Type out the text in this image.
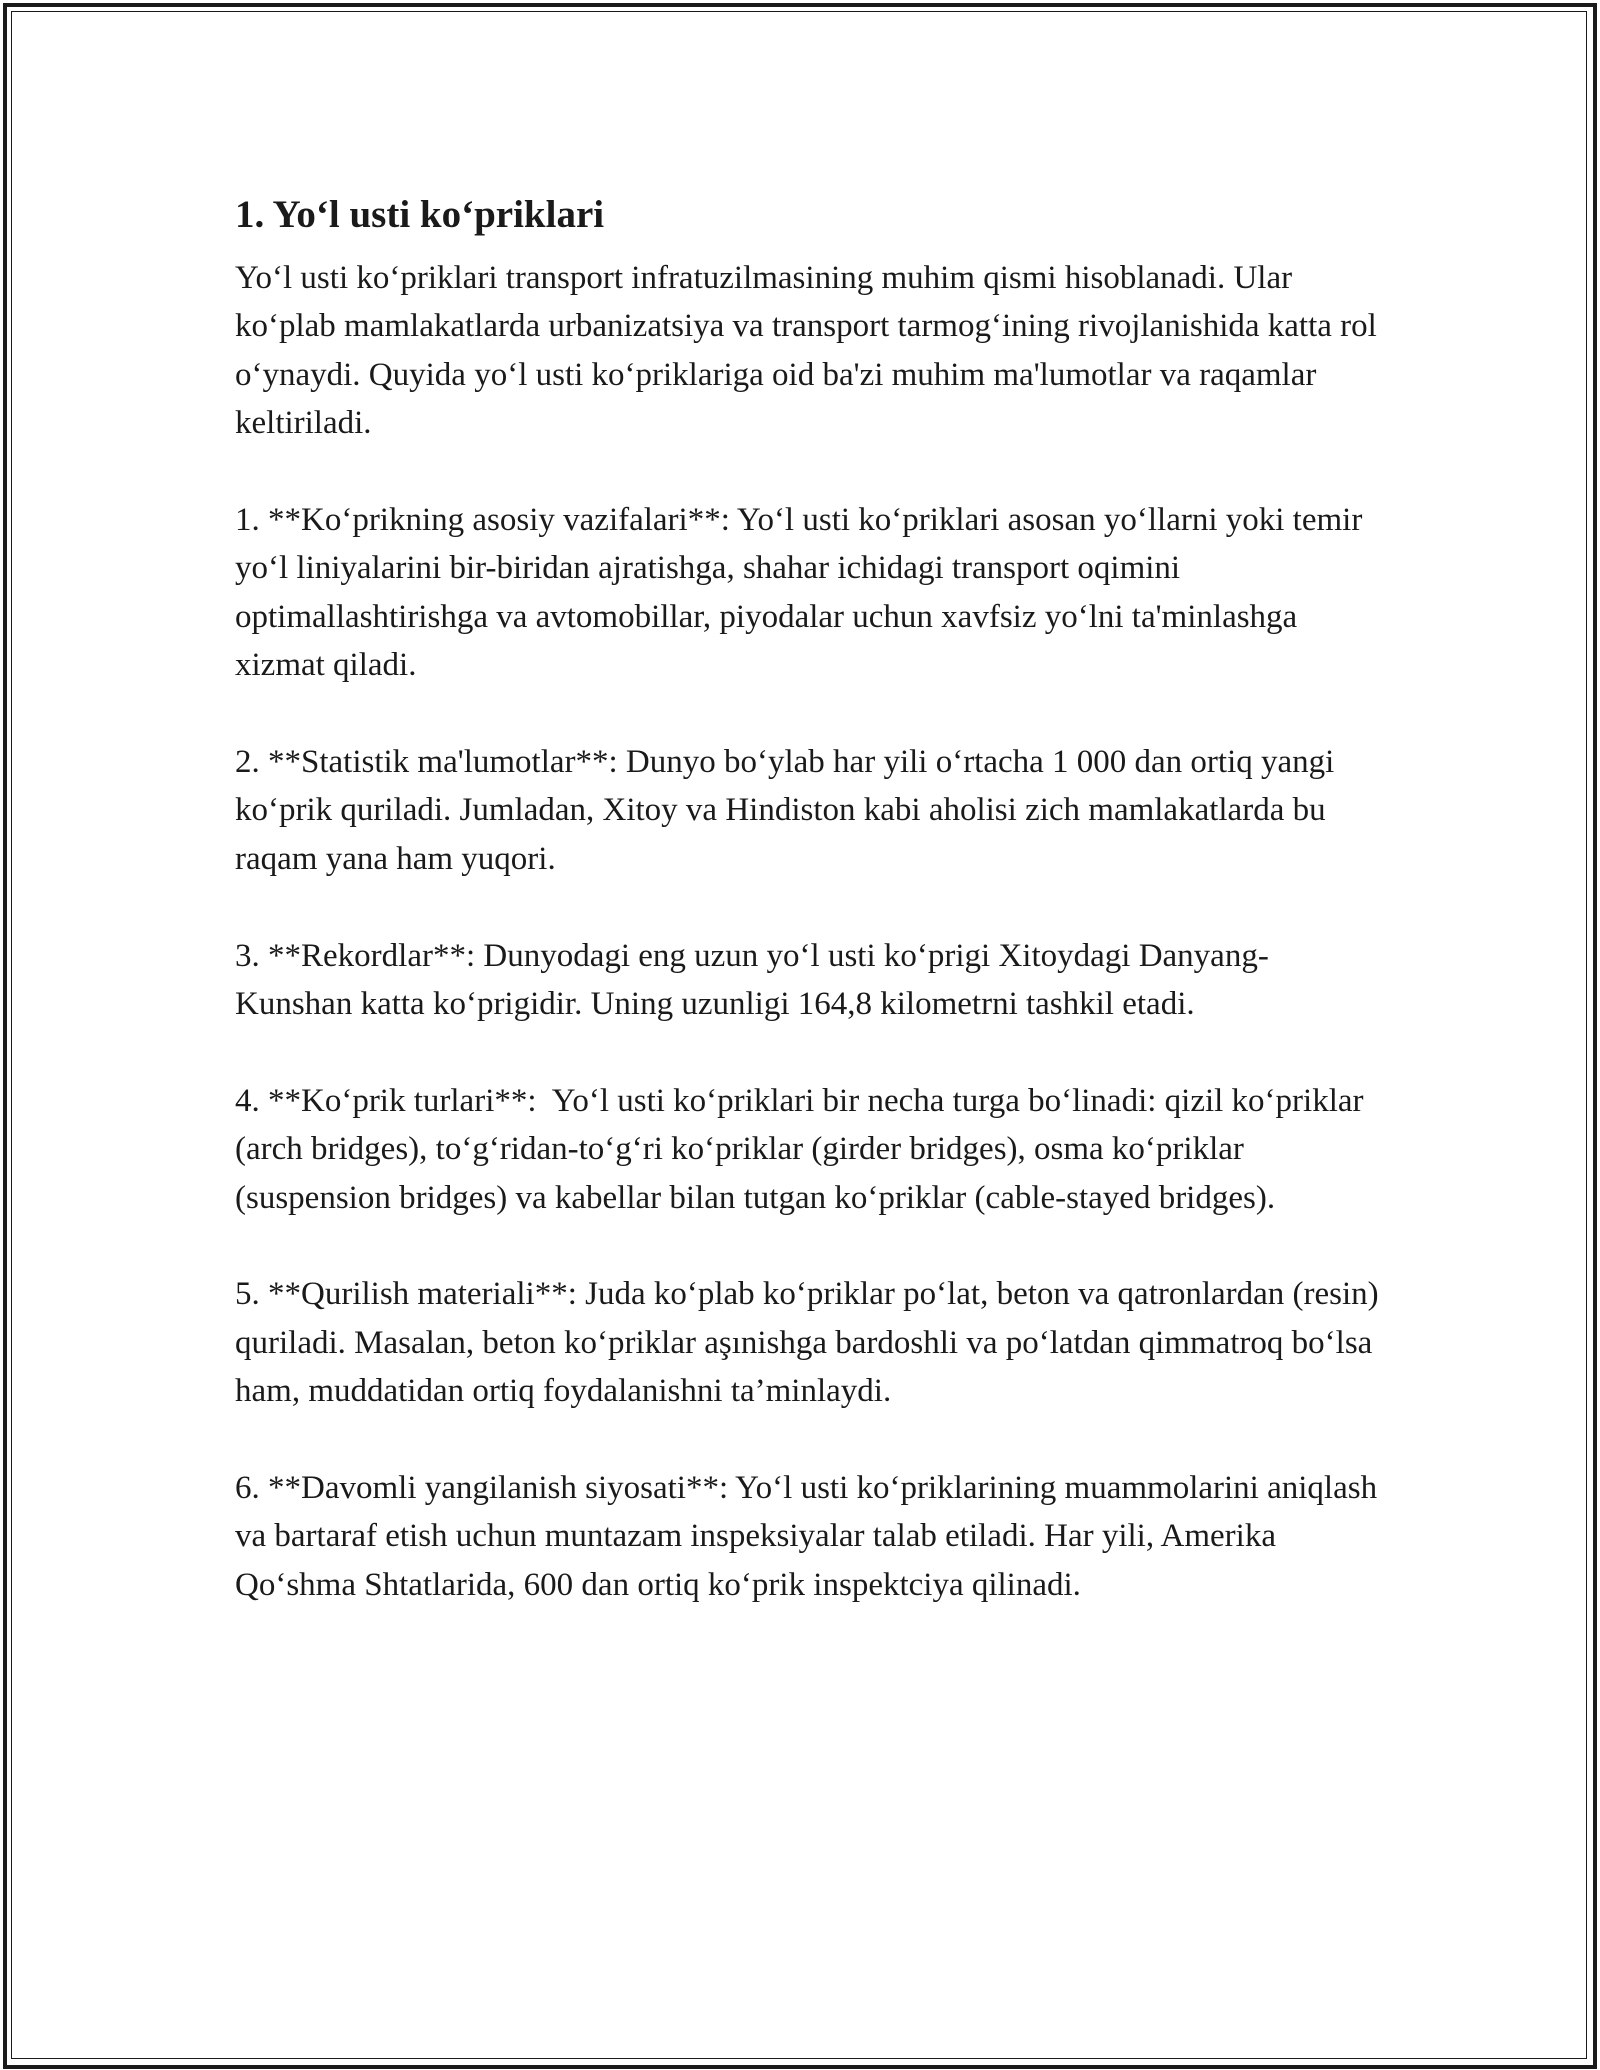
1. Yo‘l usti ko‘priklari

Yo‘l usti ko‘priklari transport infratuzilmasining muhim qismi hisoblanadi. Ular ko‘plab mamlakatlarda urbanizatsiya va transport tarmog‘ining rivojlanishida katta rol o‘ynaydi. Quyida yo‘l usti ko‘priklariga oid ba'zi muhim ma'lumotlar va raqamlar keltiriladi.

1. **Ko‘prikning asosiy vazifalari**: Yo‘l usti ko‘priklari asosan yo‘llarni yoki temir yo‘l liniyalarini bir-biridan ajratishga, shahar ichidagi transport oqimini optimallashtirishga va avtomobillar, piyodalar uchun xavfsiz yo‘lni ta'minlashga xizmat qiladi.

2. **Statistik ma'lumotlar**: Dunyo bo‘ylab har yili o‘rtacha 1 000 dan ortiq yangi ko‘prik quriladi. Jumladan, Xitoy va Hindiston kabi aholisi zich mamlakatlarda bu raqam yana ham yuqori.

3. **Rekordlar**: Dunyodagi eng uzun yo‘l usti ko‘prigi Xitoydagi Danyang-Kunshan katta ko‘prigidir. Uning uzunligi 164,8 kilometrni tashkil etadi.

4. **Ko‘prik turlari**:  Yo‘l usti ko‘priklari bir necha turga bo‘linadi: qizil ko‘priklar (arch bridges), to‘g‘ridan-to‘g‘ri ko‘priklar (girder bridges), osma ko‘priklar (suspension bridges) va kabellar bilan tutgan ko‘priklar (cable-stayed bridges).

5. **Qurilish materiali**: Juda ko‘plab ko‘priklar po‘lat, beton va qatronlardan (resin) quriladi. Masalan, beton ko‘priklar aşınishga bardoshli va po‘latdan qimmatroq bo‘lsa ham, muddatidan ortiq foydalanishni ta’minlaydi.

6. **Davomli yangilanish siyosati**: Yo‘l usti ko‘priklarining muammolarini aniqlash va bartaraf etish uchun muntazam inspeksiyalar talab etiladi. Har yili, Amerika Qo‘shma Shtatlarida, 600 dan ortiq ko‘prik inspektciya qilinadi.
